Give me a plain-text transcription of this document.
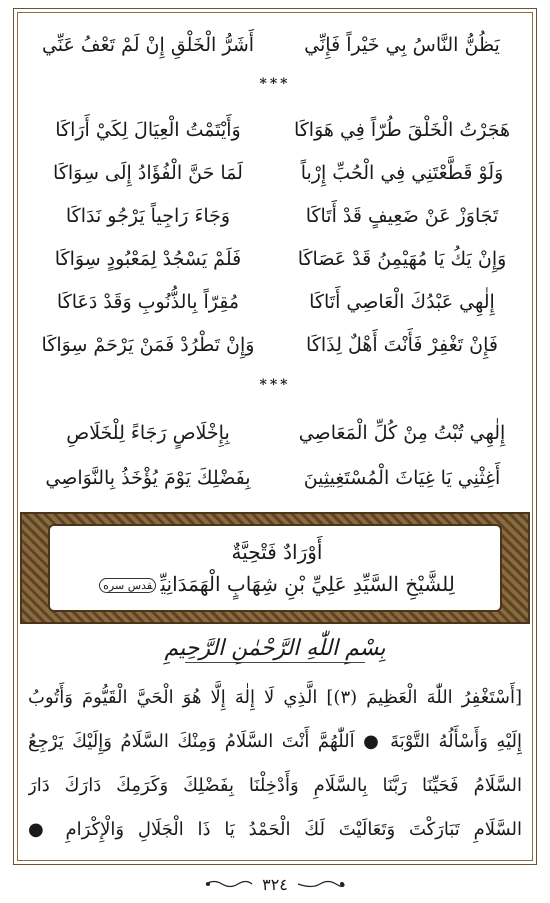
يَظُنُّ النَّاسُ بِي خَيْراً فَإِنِّي
أَشَرُّ الْخَلْقِ إِنْ لَمْ تَعْفُ عَنِّي
***
هَجَرْتُ الْخَلْقَ طُرّاً فِي هَوَاكَا
وَأَيْتَمْتُ الْعِيَالَ لِكَيْ أَرَاكَا
وَلَوْ قَطَّعْتَنِي فِي الْحُبِّ إِرْباً
لَمَا حَنَّ الْفُؤَادُ إِلَى سِوَاكَا
تَجَاوَزْ عَنْ ضَعِيفٍ قَدْ أَتَاكَا
وَجَاءَ رَاجِياً يَرْجُو نَدَاكَا
وَإِنْ يَكُ يَا مُهَيْمِنُ قَدْ عَصَاكَا
فَلَمْ يَسْجُدْ لِمَعْبُودٍ سِوَاكَا
إِلٰهِي عَبْدُكَ الْعَاصِي أَتَاكَا
مُقِرّاً بِالذُّنُوبِ وَقَدْ دَعَاكَا
فَإِنْ تَغْفِرْ فَأَنْتَ أَهْلٌ لِذَاكَا
وَإِنْ تَطْرُدْ فَمَنْ يَرْحَمْ سِوَاكَا
***
إِلٰهِي تُبْتُ مِنْ كُلِّ الْمَعَاصِي
بِإِخْلَاصٍ رَجَاءً لِلْخَلَاصِ
أَغِثْنِي يَا غِيَاثَ الْمُسْتَغِيثِينَ
بِفَضْلِكَ يَوْمَ يُؤْخَذُ بِالنَّوَاصِي
أَوْرَادٌ فَتْحِيَّةٌ
لِلشَّيْخِ السَّيِّدِ عَلِيِّ بْنِ شِهَابٍ الْهَمَدَانِيِّقدس سره
بِسْمِ اللّٰهِ الرَّحْمٰنِ الرَّحِيمِ
[أَسْتَغْفِرُ اللّٰهَ الْعَظِيمَ (٣)] الَّذِي لَا إِلٰهَ إِلَّا هُوَ الْحَيَّ الْقَيُّومَ وَأَتُوبُ
إِلَيْهِ وَأَسْأَلُهُ التَّوْبَةَ ● اَللّٰهُمَّ أَنْتَ السَّلَامُ وَمِنْكَ السَّلَامُ وَإِلَيْكَ يَرْجِعُ
السَّلَامُ فَحَيِّنَا رَبَّنَا بِالسَّلَامِ وَأَدْخِلْنَا بِفَضْلِكَ وَكَرَمِكَ دَارَكَ دَارَ
السَّلَامِ تَبَارَكْتَ وَتَعَالَيْتَ لَكَ الْحَمْدُ يَا ذَا الْجَلَالِ وَالْإِكْرَامِ ●
٣٢٤
